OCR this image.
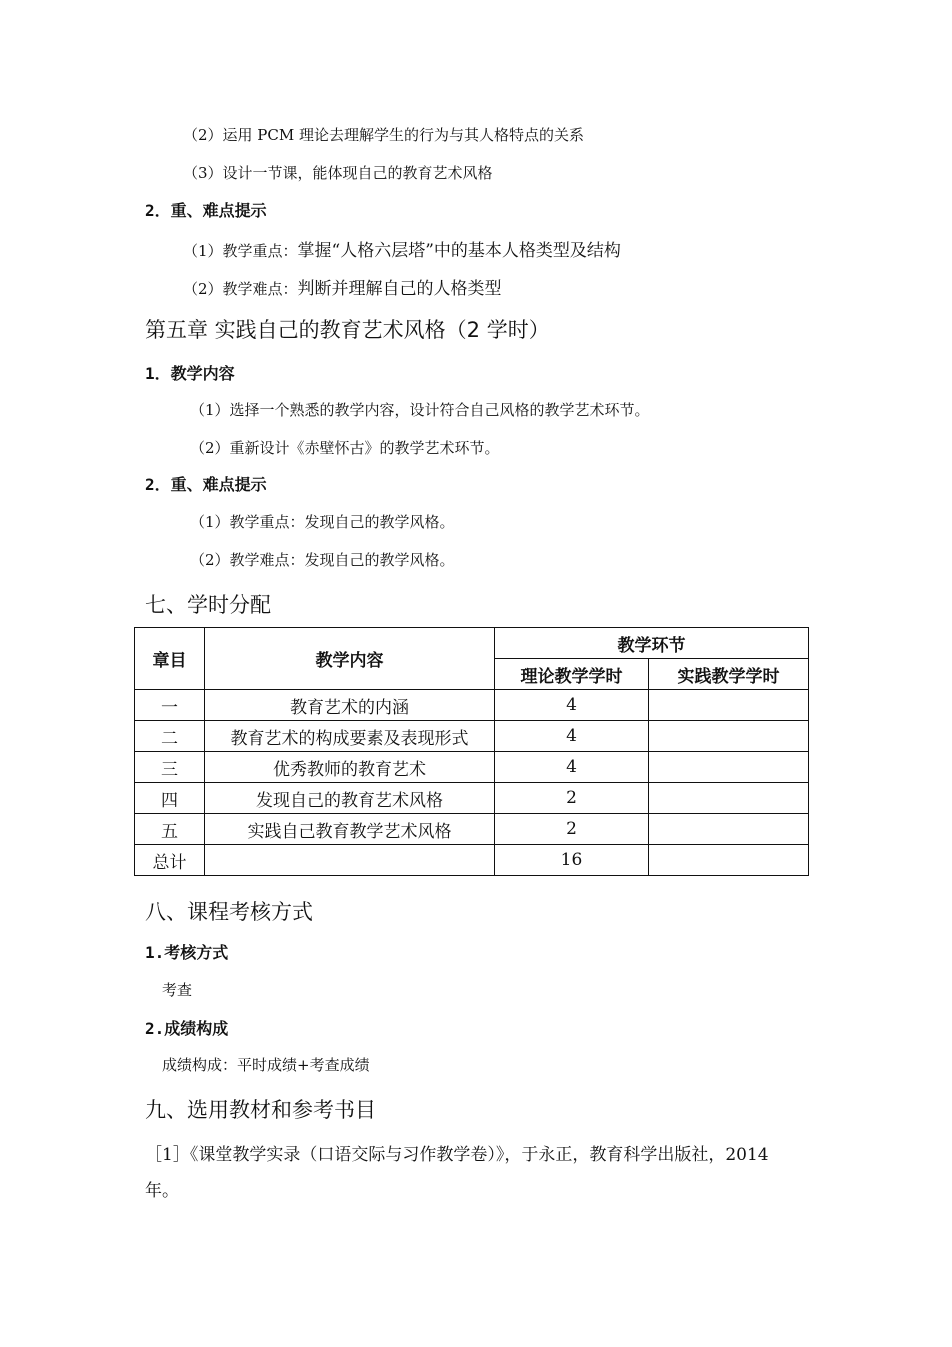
（2）运用 PCM 理论去理解学生的行为与其人格特点的关系
（3）设计一节课，能体现自己的教育艺术风格
2．重、难点提示
（1）教学重点：掌握“人格六层塔”中的基本人格类型及结构
（2）教学难点：判断并理解自己的人格类型
第五章 实践自己的教育艺术风格（2 学时）
1．教学内容
（1）选择一个熟悉的教学内容，设计符合自己风格的教学艺术环节。
（2）重新设计《赤壁怀古》的教学艺术环节。
2．重、难点提示
（1）教学重点：发现自己的教学风格。
（2）教学难点：发现自己的教学风格。
七、学时分配
章目	教学内容	教学环节	
		理论教学学时	实践教学学时
一	教育艺术的内涵	4	
二	教育艺术的构成要素及表现形式	4	
三	优秀教师的教育艺术	4	
四	发现自己的教育艺术风格	2	
五	实践自己教育教学艺术风格	2	
总计		16	
八、课程考核方式
1.考核方式
考查
2.成绩构成
成绩构成：平时成绩+考查成绩
九、选用教材和参考书目
［1］《课堂教学实录（口语交际与习作教学卷）》，于永正，教育科学出版社，2014
年。
